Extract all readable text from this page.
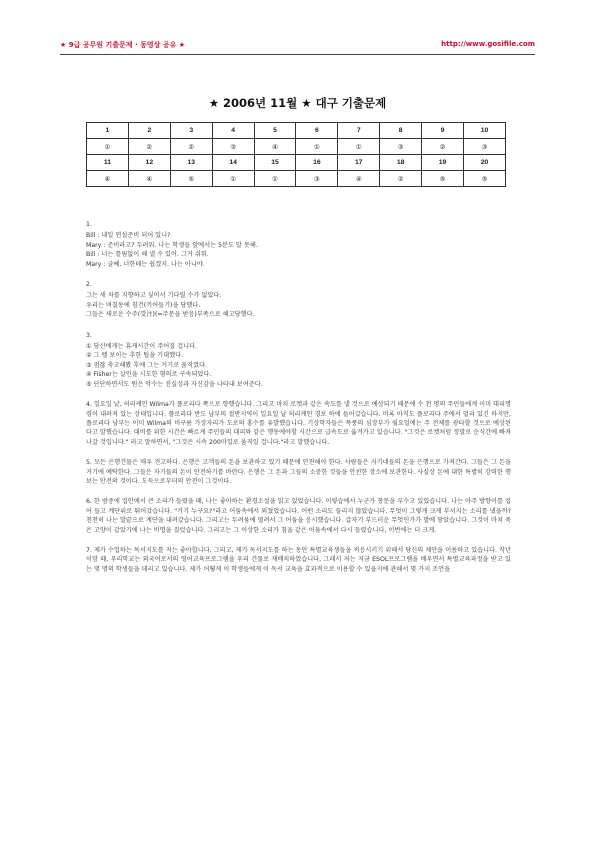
★ 9급 공무원 기출문제 · 동영상 공유 ★	http://www.gosifile.com
★ 2006년 11월 ★ 대구 기출문제
1	2	3	4	5	6	7	8	9	10
①	②	②	③	④	①	①	③	②	③
11	12	13	14	15	16	17	18	19	20
④	④	⑤	①	①	③	④	②	⑤	⑤

1.

Bill : 내일 연설준비 되어 있니?

Mary : 준비라고? 두려워. 나는 학생들 앞에서는 5분도 말 못해.

Bill : 너는 틀림없이 해 낼 수 있어. 그거 쉬워.

Mary : 글쎄, 너한테는 쉽겠지. 나는 아니야.

2.

그는 새 차를 지향하고 싶어서 기다릴 수가 없었다.

우리는 며칠동에 침건(끼어들기)을 당했다.

그들은 새로운 수주(受注)(=주문을 받음)부족으로 해고당했다.

3.

① 당신에게는 휴게시간이 주어질 겁니다.

② 그 텔 보이는 추한 팁을 기대했다.

③ 점잖 축고해봤 후에 그는 거기로 움직였다.

④ Fisher는 살인을 시도한 혐의로 구속되었다.

⑤ 단단하면서도 뭔은 악수는 진실성과 자신감을 나타내 보여준다.

4. 일요일 날, 허리케인 Wilma가 플로리다 쪽으로 향했습니다. 그리고 마치 로켓과 같은 속도를 낼 것으로 예상되기 때문에 수 천 명의 주민들에게 이미 대피명령이 내려져 있는 상태입니다. 플로리다 반도 남부의 절반지역이 일요일 날 허리케인 경보 하에 들어갔습니다. 비록 아직도 플로리다 주에서 멀리 있긴 하지만, 플로리다 남부는 이미 Wilma의 비구름 가장자리가 도로의 홍수를 유발했습니다. 기상학자들은 폭풍의 심장부가 월요일에는 주 전체를 광타할 것으로 예상된다고 말했습니다. 대비를 위한 시간은 빠르게 주민들의 대피와 같은 행동에야할 시간으로 급속도로 옮겨가고 있습니다. "그것은 로켓처럼 정말로 순식간에 빠져 나갈 것입니다." 라고 말하면서, "그것은 시속 200마일로 움직일 겁니다."라고 말했습니다.

5. 모든 은행건물은 매우 견고하다. 은행은 고객들의 돈을 보관하고 있기 때문에 안전해야 한다. 사람들은 자기네들의 돈을 은행으로 가져간다. 그들은 그 돈을 거기에 예탁한다. 그들은 자기들의 돈이 안전하기를 바란다. 은행은 그 돈과 그들의 소중한 것들을 안전한 장소에 보관한다. 사실상 돈에 대한 특별히 강력한 행보는 안전의 것이다. 도둑으로부터의 안전이 그것이다.

6. 한 밤중에 집안에서 큰 소리가 들렸을 때, 나는 좋아하는 환경소설을 읽고 있었습니다. 이렇습에서 누군가 창문을 부수고 있었습니다. 나는 아주 방향이를 집어 들고 계단위로 뛰어갔습니다. "거기 누구요?"라고 어둠속에서 외쳤었습니다. 어떤 소리도 들리지 않았습니다. 무엇이 그렇게 크게 부서지는 소리를 냈을까? 천천히 나는 발끝으로 계단을 내려갔습니다. 그리고는 두려움에 떨려서 그 어둠을 응시했습니다. 갑자기 부드러운 무엇인가가 발에 닿았습니다. 그것이 마치 죽은 고양이 같았기에 나는 비명을 질렀습니다. 그리고는 그 이상한 소리가 침울 같은 어둠속에서 다시 들렸습니다, 이번에는 더 크게.

7. 제가 수업하는 독서지도를 저는 좋아합니다, 그리고, 제가 독서지도를 하는 동안 특별교육생들을 적응시키기 위해서 당신의 제안을 이용하고 있습니다. 작년 이맘 때, 우리학교는 외국어로서의 영어교육프로그램을 우리 건물로 재배치하였습니다, 그래서 저는 지금 ESOL프로그램을 배우면서 특별교육과정을 받고 있는 몇 명의 학생들을 데리고 있습니다. 제가 어떻게 이 학생들에게 이 독서 교육을 효과적으로 이용할 수 있을지에 관해서 몇 가지 조언을
